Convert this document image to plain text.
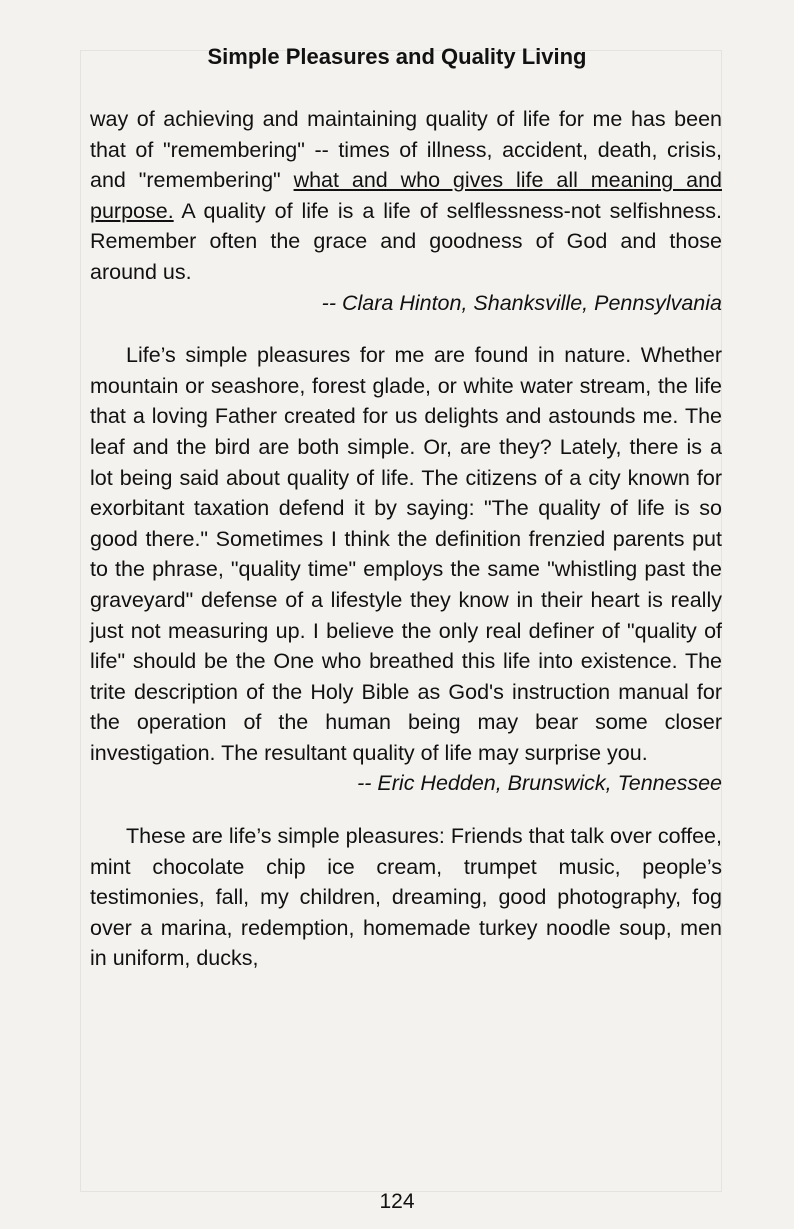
Simple Pleasures and Quality Living

way of achieving and maintaining quality of life for me has been that of "remembering" -- times of illness, accident, death, crisis, and "remembering" what and who gives life all meaning and purpose. A quality of life is a life of selflessness-not selfishness. Remember often the grace and goodness of God and those around us.

-- Clara Hinton, Shanksville, Pennsylvania

Life’s simple pleasures for me are found in nature. Whether mountain or seashore, forest glade, or white water stream, the life that a loving Father created for us delights and astounds me. The leaf and the bird are both simple. Or, are they? Lately, there is a lot being said about quality of life. The citizens of a city known for exorbitant taxation defend it by saying: "The quality of life is so good there." Sometimes I think the definition frenzied parents put to the phrase, "quality time" employs the same "whistling past the graveyard" defense of a lifestyle they know in their heart is really just not measuring up. I believe the only real definer of "quality of life" should be the One who breathed this life into existence. The trite description of the Holy Bible as God's instruction manual for the operation of the human being may bear some closer investigation. The resultant quality of life may surprise you.

-- Eric Hedden, Brunswick, Tennessee

These are life’s simple pleasures: Friends that talk over coffee, mint chocolate chip ice cream, trumpet music, people’s testimonies, fall, my children, dreaming, good photography, fog over a marina, redemption, homemade turkey noodle soup, men in uniform, ducks,

124
